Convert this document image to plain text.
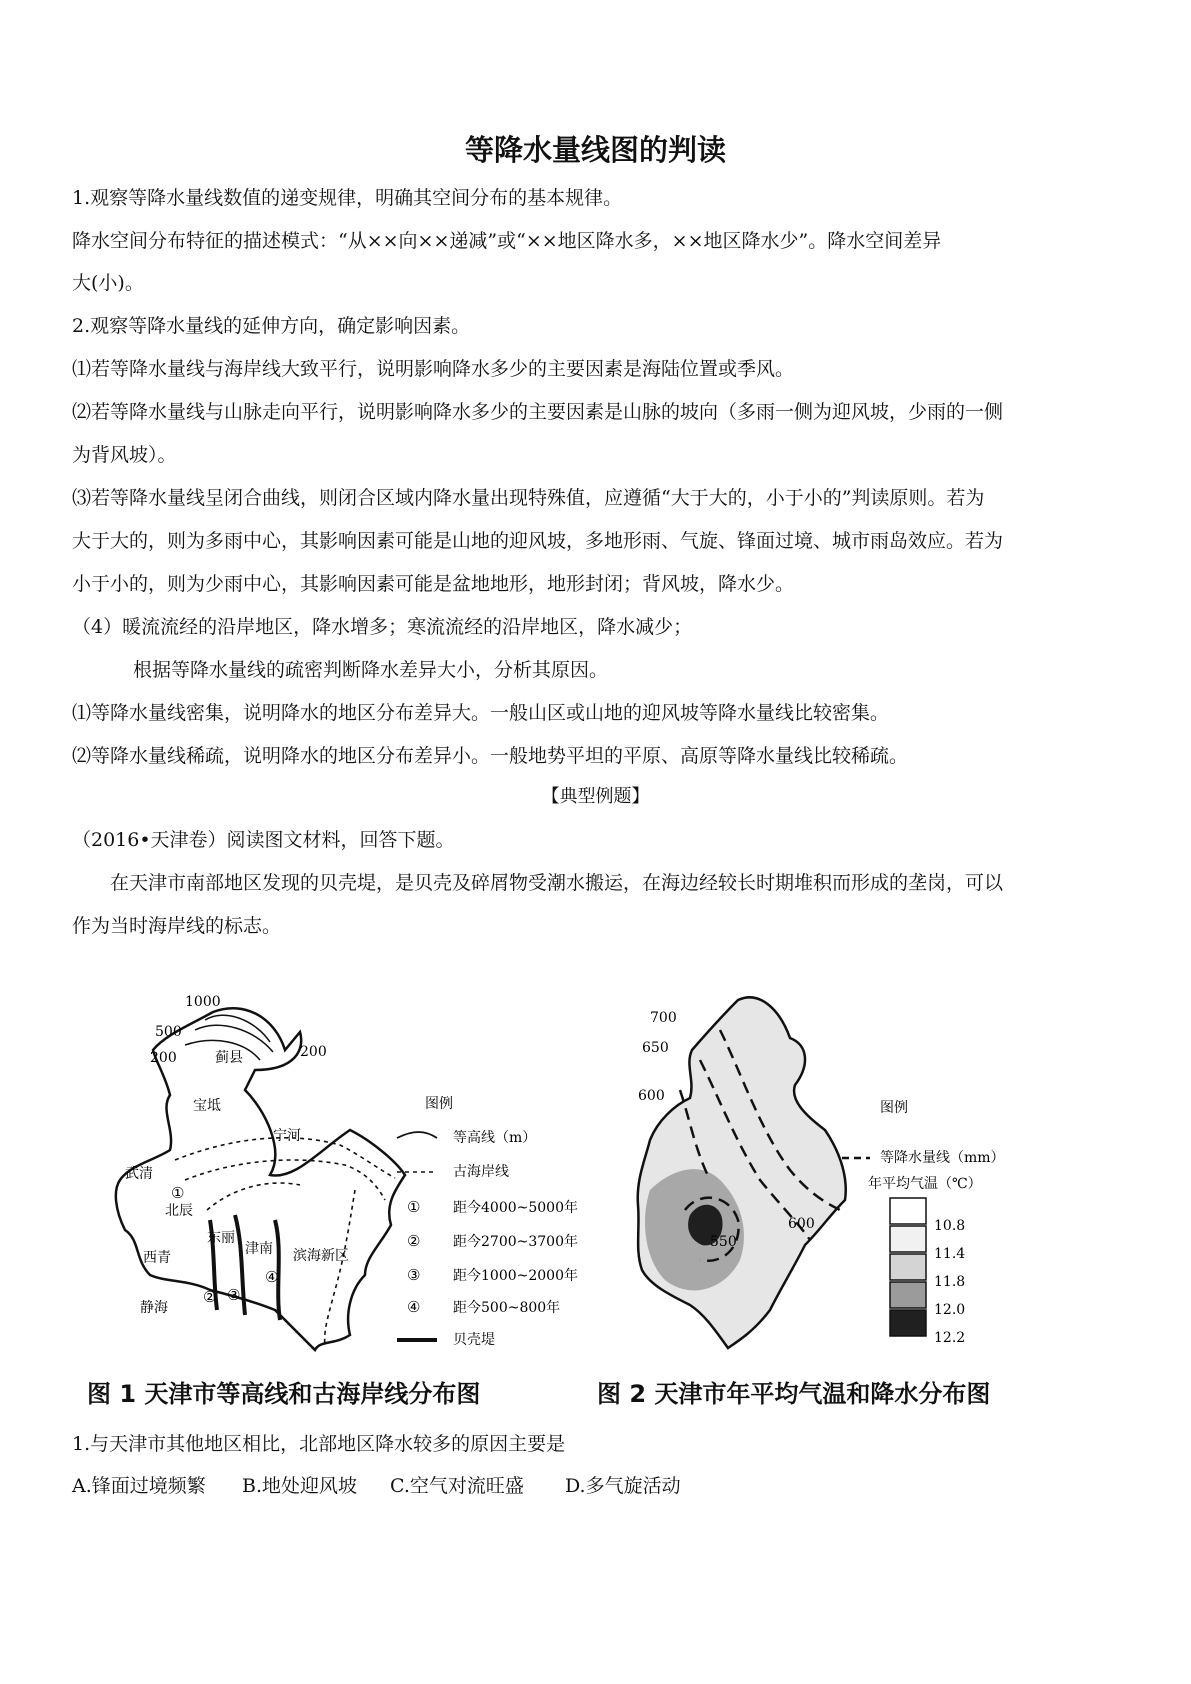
等降水量线图的判读
1.观察等降水量线数值的递变规律，明确其空间分布的基本规律。
降水空间分布特征的描述模式：“从××向××递减”或“××地区降水多，××地区降水少”。降水空间差异
大(小)。
2.观察等降水量线的延伸方向，确定影响因素。
⑴若等降水量线与海岸线大致平行，说明影响降水多少的主要因素是海陆位置或季风。
⑵若等降水量线与山脉走向平行，说明影响降水多少的主要因素是山脉的坡向（多雨一侧为迎风坡，少雨的一侧
为背风坡）。
⑶若等降水量线呈闭合曲线，则闭合区域内降水量出现特殊值，应遵循“大于大的，小于小的”判读原则。若为
大于大的，则为多雨中心，其影响因素可能是山地的迎风坡，多地形雨、气旋、锋面过境、城市雨岛效应。若为
小于小的，则为少雨中心，其影响因素可能是盆地地形，地形封闭；背风坡，降水少。
（4）暖流流经的沿岸地区，降水增多；寒流流经的沿岸地区，降水减少；
根据等降水量线的疏密判断降水差异大小，分析其原因。
⑴等降水量线密集，说明降水的地区分布差异大。一般山区或山地的迎风坡等降水量线比较密集。
⑵等降水量线稀疏，说明降水的地区分布差异小。一般地势平坦的平原、高原等降水量线比较稀疏。
【典型例题】
（2016•天津卷）阅读图文材料，回答下题。
在天津市南部地区发现的贝壳堤，是贝壳及碎屑物受潮水搬运，在海边经较长时期堆积而形成的垄岗，可以
作为当时海岸线的标志。
1000
500
200	200
蓟县
宝坻
武清
宁河
北辰
东丽
津南
西青	滨海新区
静海
①
② ③
④
图例
等高线（m）
古海岸线
① 距今4000~5000年
② 距今2700~3700年
③ 距今1000~2000年
④ 距今500~800年
贝壳堤
700
650
600
600
550
图例
等降水量线（mm）
年平均气温（℃）
10.8
11.4
11.8
12.0
12.2
图 1 天津市等高线和古海岸线分布图	图 2 天津市年平均气温和降水分布图
1.与天津市其他地区相比，北部地区降水较多的原因主要是
A.锋面过境频繁 B.地处迎风坡 C.空气对流旺盛 D.多气旋活动
